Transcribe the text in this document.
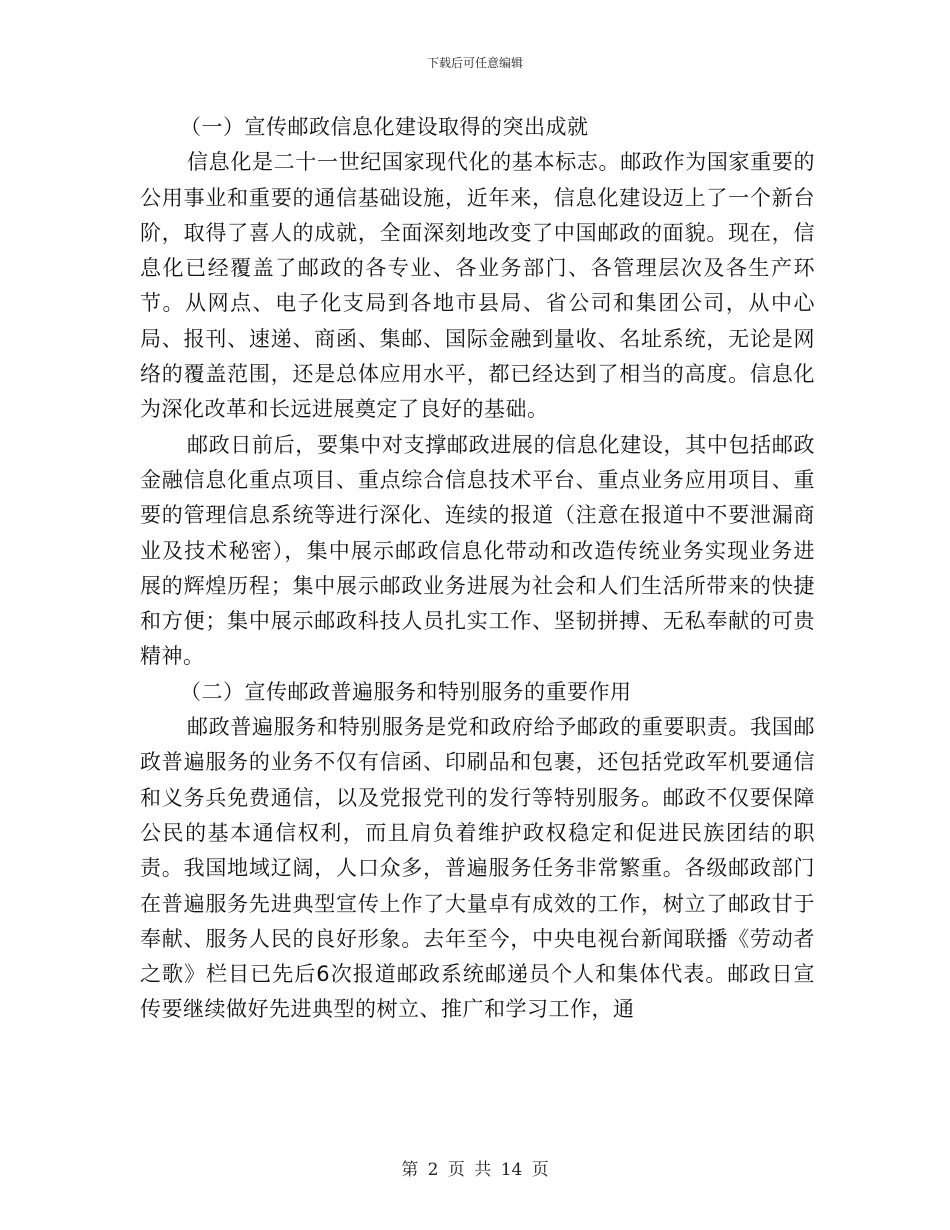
下载后可任意编辑

（一）宣传邮政信息化建设取得的突出成就

信息化是二十一世纪国家现代化的基本标志。邮政作为国家重要的公用事业和重要的通信基础设施，近年来，信息化建设迈上了一个新台阶，取得了喜人的成就，全面深刻地改变了中国邮政的面貌。现在，信息化已经覆盖了邮政的各专业、各业务部门、各管理层次及各生产环节。从网点、电子化支局到各地市县局、省公司和集团公司，从中心局、报刊、速递、商函、集邮、国际金融到量收、名址系统，无论是网络的覆盖范围，还是总体应用水平，都已经达到了相当的高度。信息化为深化改革和长远进展奠定了良好的基础。

邮政日前后，要集中对支撑邮政进展的信息化建设，其中包括邮政金融信息化重点项目、重点综合信息技术平台、重点业务应用项目、重要的管理信息系统等进行深化、连续的报道（注意在报道中不要泄漏商业及技术秘密），集中展示邮政信息化带动和改造传统业务实现业务进展的辉煌历程；集中展示邮政业务进展为社会和人们生活所带来的快捷和方便；集中展示邮政科技人员扎实工作、坚韧拼搏、无私奉献的可贵精神。

（二）宣传邮政普遍服务和特别服务的重要作用

邮政普遍服务和特别服务是党和政府给予邮政的重要职责。我国邮政普遍服务的业务不仅有信函、印刷品和包裹，还包括党政军机要通信和义务兵免费通信，以及党报党刊的发行等特别服务。邮政不仅要保障公民的基本通信权利，而且肩负着维护政权稳定和促进民族团结的职责。我国地域辽阔，人口众多，普遍服务任务非常繁重。各级邮政部门在普遍服务先进典型宣传上作了大量卓有成效的工作，树立了邮政甘于奉献、服务人民的良好形象。去年至今，中央电视台新闻联播《劳动者之歌》栏目已先后6次报道邮政系统邮递员个人和集体代表。邮政日宣传要继续做好先进典型的树立、推广和学习工作，通

第 2 页 共 14 页
